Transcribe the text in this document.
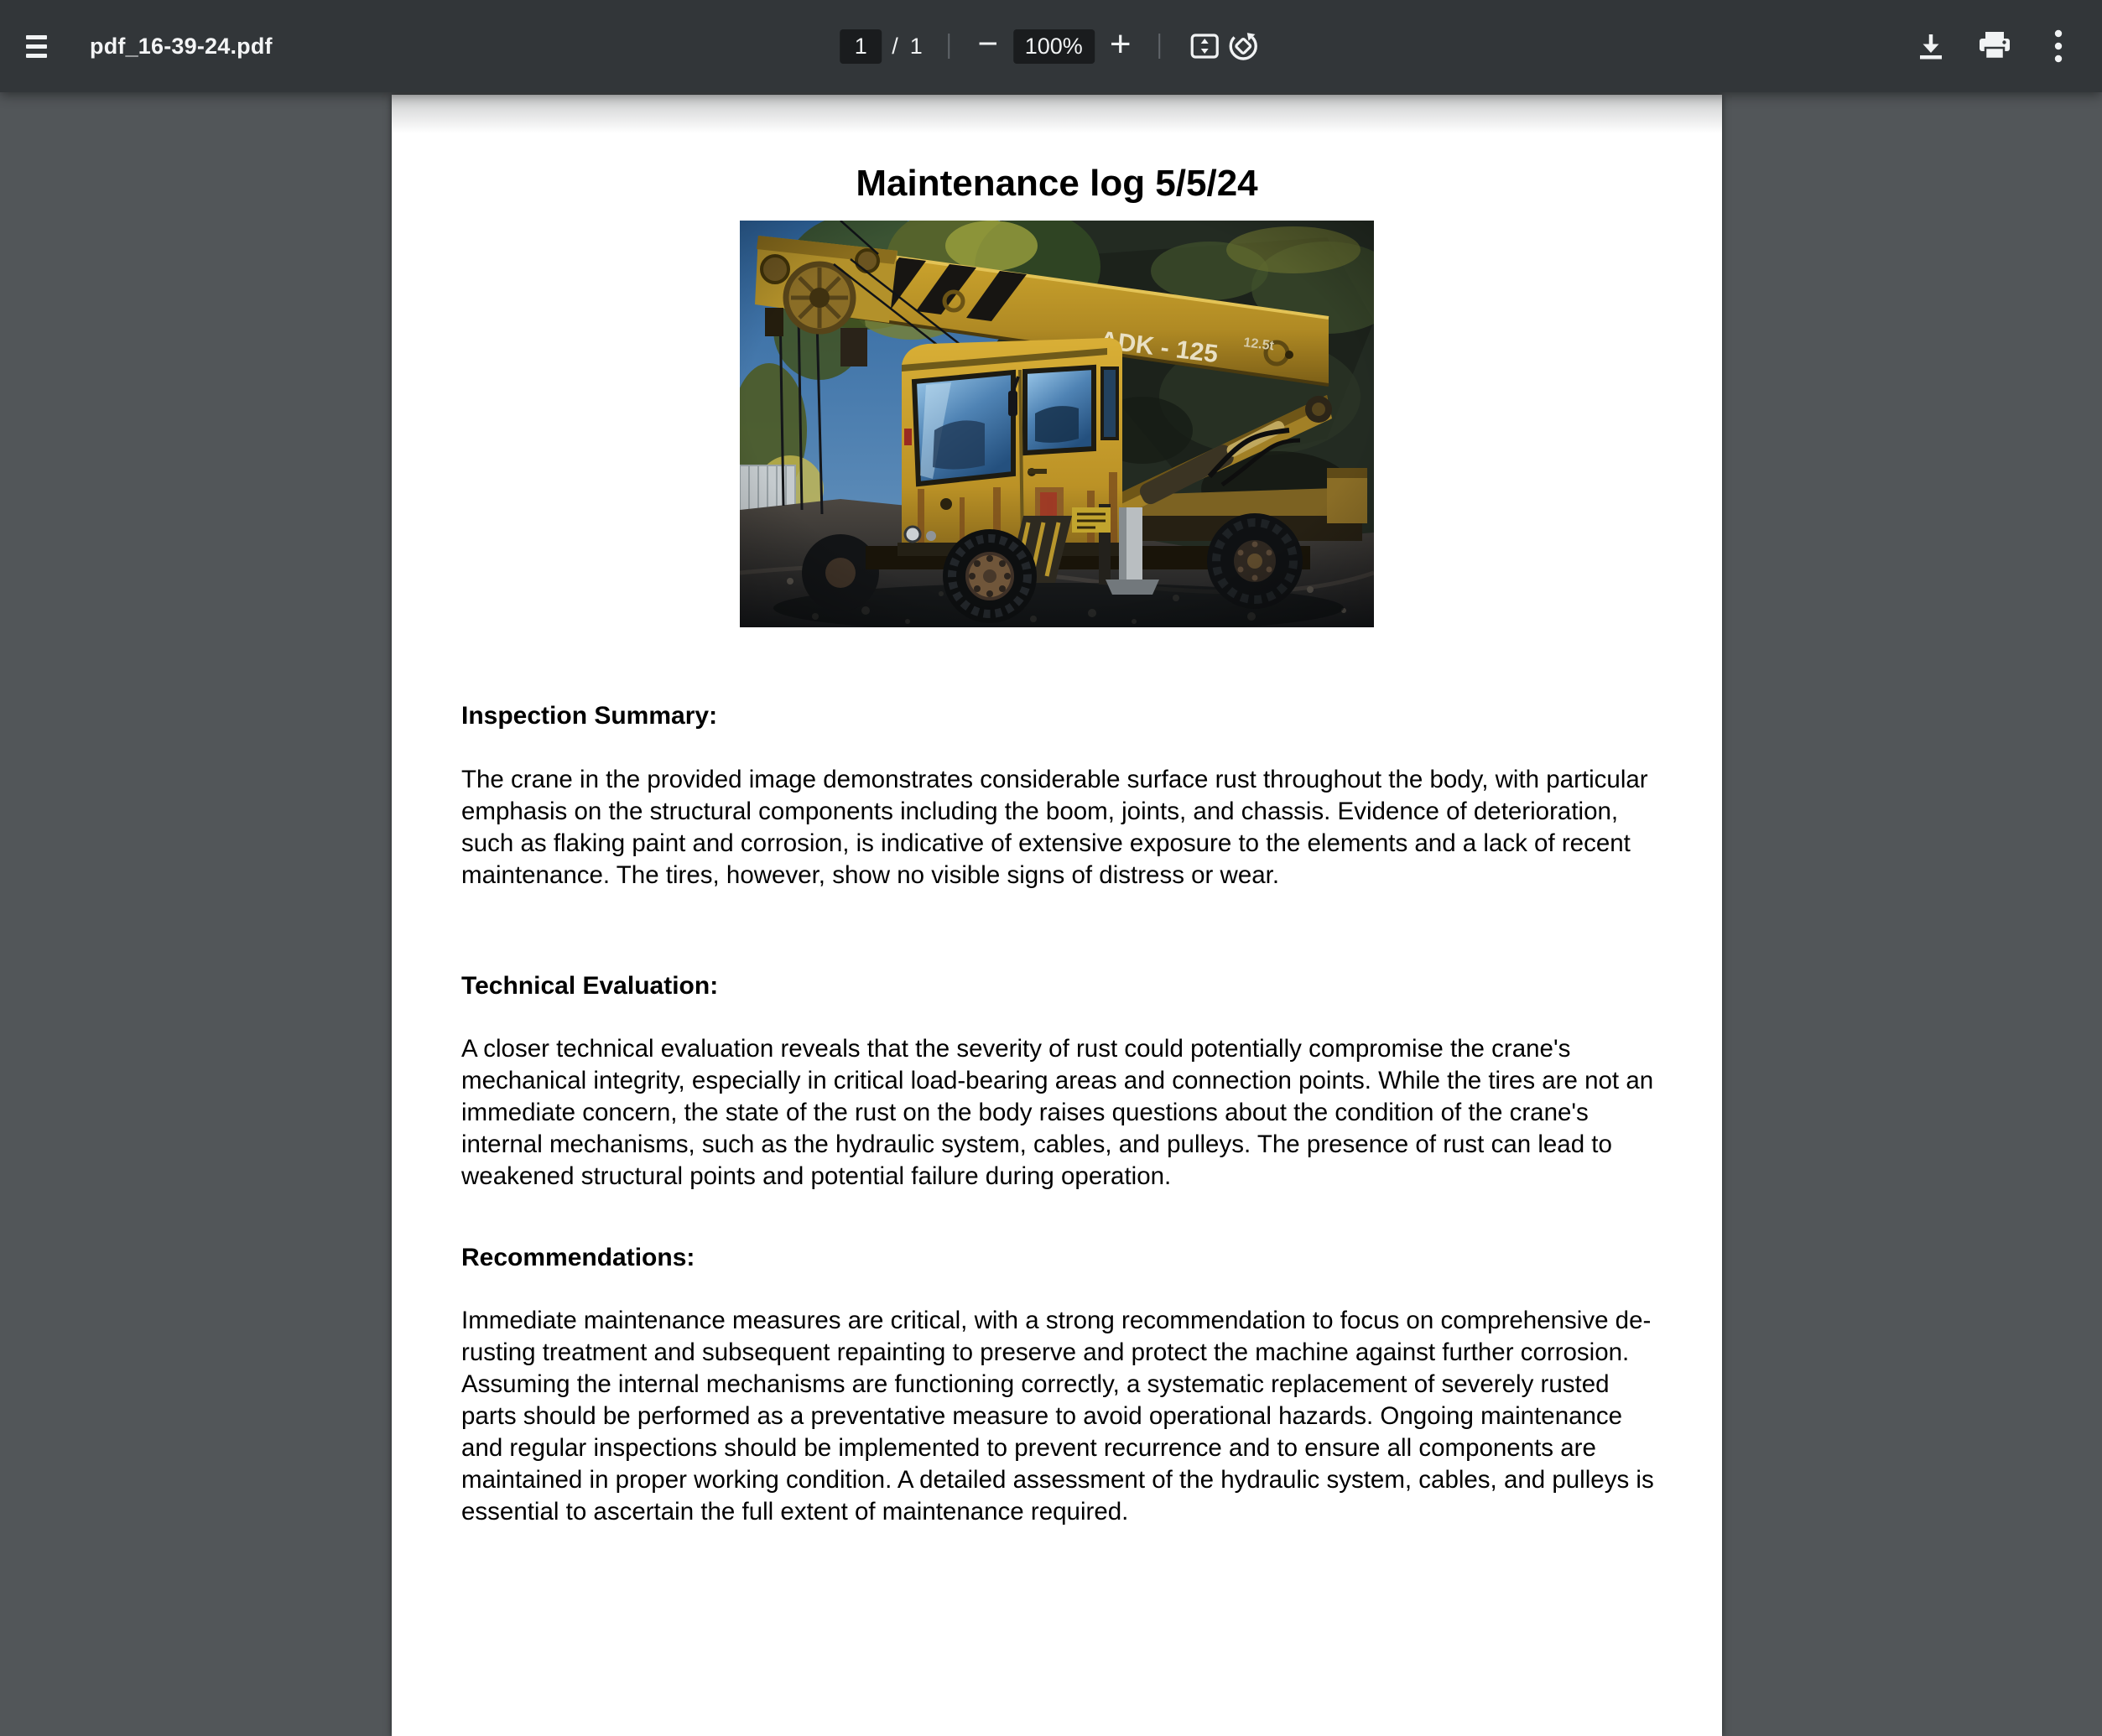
pdf_16-39-24.pdf	1 / 1 − 100% +
Maintenance log 5/5/24
Inspection Summary:
The crane in the provided image demonstrates considerable surface rust throughout the body, with particular emphasis on the structural components including the boom, joints, and chassis. Evidence of deterioration, such as flaking paint and corrosion, is indicative of extensive exposure to the elements and a lack of recent maintenance. The tires, however, show no visible signs of distress or wear.
Technical Evaluation:
A closer technical evaluation reveals that the severity of rust could potentially compromise the crane's mechanical integrity, especially in critical load-bearing areas and connection points. While the tires are not an immediate concern, the state of the rust on the body raises questions about the condition of the crane's internal mechanisms, such as the hydraulic system, cables, and pulleys. The presence of rust can lead to weakened structural points and potential failure during operation.
Recommendations:
Immediate maintenance measures are critical, with a strong recommendation to focus on comprehensive de-rusting treatment and subsequent repainting to preserve and protect the machine against further corrosion. Assuming the internal mechanisms are functioning correctly, a systematic replacement of severely rusted parts should be performed as a preventative measure to avoid operational hazards. Ongoing maintenance and regular inspections should be implemented to prevent recurrence and to ensure all components are maintained in proper working condition. A detailed assessment of the hydraulic system, cables, and pulleys is essential to ascertain the full extent of maintenance required.
